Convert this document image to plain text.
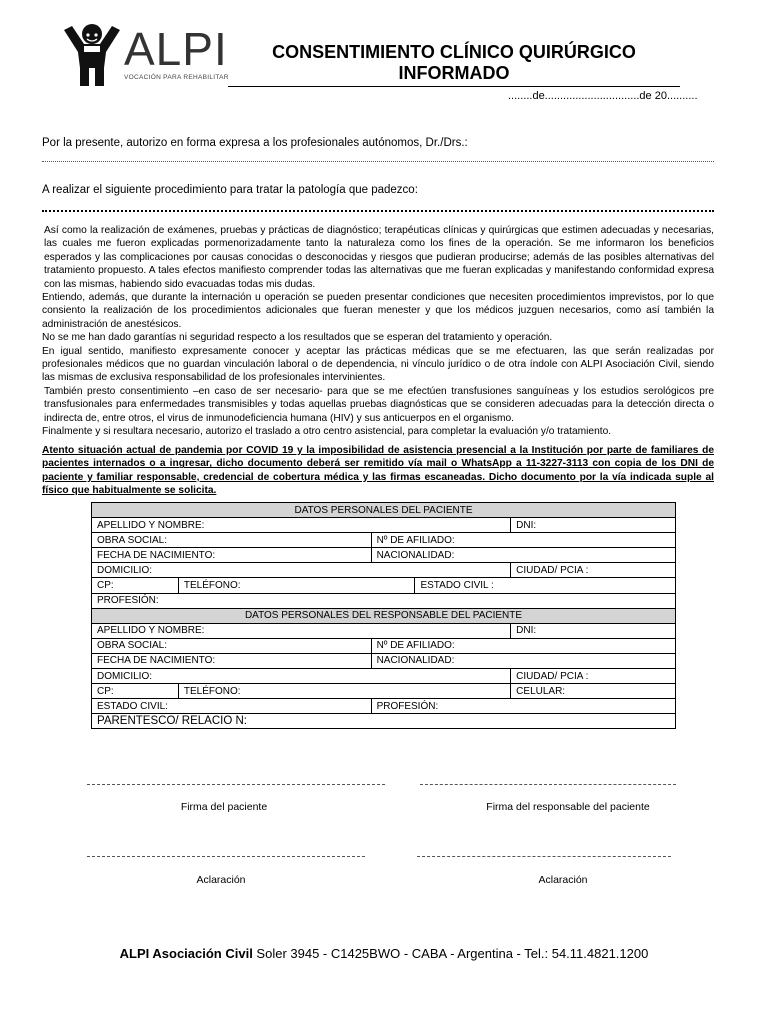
ALPI
VOCACIÓN PARA REHABILITAR
CONSENTIMIENTO CLÍNICO QUIRÚRGICO INFORMADO
........de...............................de 20..........
Por la presente, autorizo en forma expresa a los profesionales autónomos, Dr./Drs.:
A realizar el siguiente procedimiento para tratar la patología que padezco:

Así como la realización de exámenes, pruebas y prácticas de diagnóstico; terapéuticas clínicas y quirúrgicas que estimen adecuadas y necesarias, las cuales me fueron explicadas pormenorizadamente tanto la naturaleza como los fines de la operación. Se me informaron los beneficios esperados y las complicaciones por causas conocidas o desconocidas y riesgos que pudieran producirse; además de las posibles alternativas del tratamiento propuesto. A tales efectos manifiesto comprender todas las alternativas que me fueran explicadas y manifestando conformidad expresa con las mismas, habiendo sido evacuadas todas mis dudas.

Entiendo, además, que durante la internación u operación se pueden presentar condiciones que necesiten procedimientos imprevistos, por lo que consiento la realización de los procedimientos adicionales que fueran menester y que los médicos juzguen necesarios, como así también la administración de anestésicos.

No se me han dado garantías ni seguridad respecto a los resultados que se esperan del tratamiento y operación.

En igual sentido, manifiesto expresamente conocer y aceptar las prácticas médicas que se me efectuaren, las que serán realizadas por profesionales médicos que no guardan vinculación laboral o de dependencia, ni vínculo jurídico o de otra índole con ALPI Asociación Civil, siendo las mismas de exclusiva responsabilidad de los profesionales intervinientes.

También presto consentimiento –en caso de ser necesario- para que se me efectúen transfusiones sanguíneas y los estudios serológicos pre transfusionales para enfermedades transmisibles y todas aquellas pruebas diagnósticas que se consideren adecuadas para la detección directa o indirecta de, entre otros, el virus de inmunodeficiencia humana (HIV) y sus anticuerpos en el organismo.

Finalmente y si resultara necesario, autorizo el traslado a otro centro asistencial, para completar la evaluación y/o tratamiento.

Atento situación actual de pandemia por COVID 19 y la imposibilidad de asistencia presencial a la Institución por parte de familiares de pacientes internados o a ingresar, dicho documento deberá ser remitido vía mail o WhatsApp a 11-3227-3113 con copia de los DNI de paciente y familiar responsable, credencial de cobertura médica y las firmas escaneadas. Dicho documento por la vía indicada suple al físico que habitualmente se solicita.
DATOS PERSONALES DEL PACIENTE				
APELLIDO Y NOMBRE:				DNI:
OBRA SOCIAL:		Nº DE AFILIADO:		
FECHA DE NACIMIENTO:		NACIONALIDAD:		
DOMICILIO:				CIUDAD/ PCIA :
CP:	TELÉFONO:		ESTADO CIVIL :	
PROFESIÓN:				
DATOS PERSONALES DEL RESPONSABLE DEL PACIENTE				
APELLIDO Y NOMBRE:				DNI:
OBRA SOCIAL:		Nº DE AFILIADO:		
FECHA DE NACIMIENTO:		NACIONALIDAD:		
DOMICILIO:				CIUDAD/ PCIA :
CP:	TELÉFONO:			CELULAR:
ESTADO CIVIL:		PROFESIÓN:		
PARENTESCO/ RELACIO N:				
Firma del paciente	Firma del responsable del paciente
Aclaración	Aclaración
ALPI Asociación Civil Soler 3945 - C1425BWO - CABA - Argentina - Tel.: 54.11.4821.1200
